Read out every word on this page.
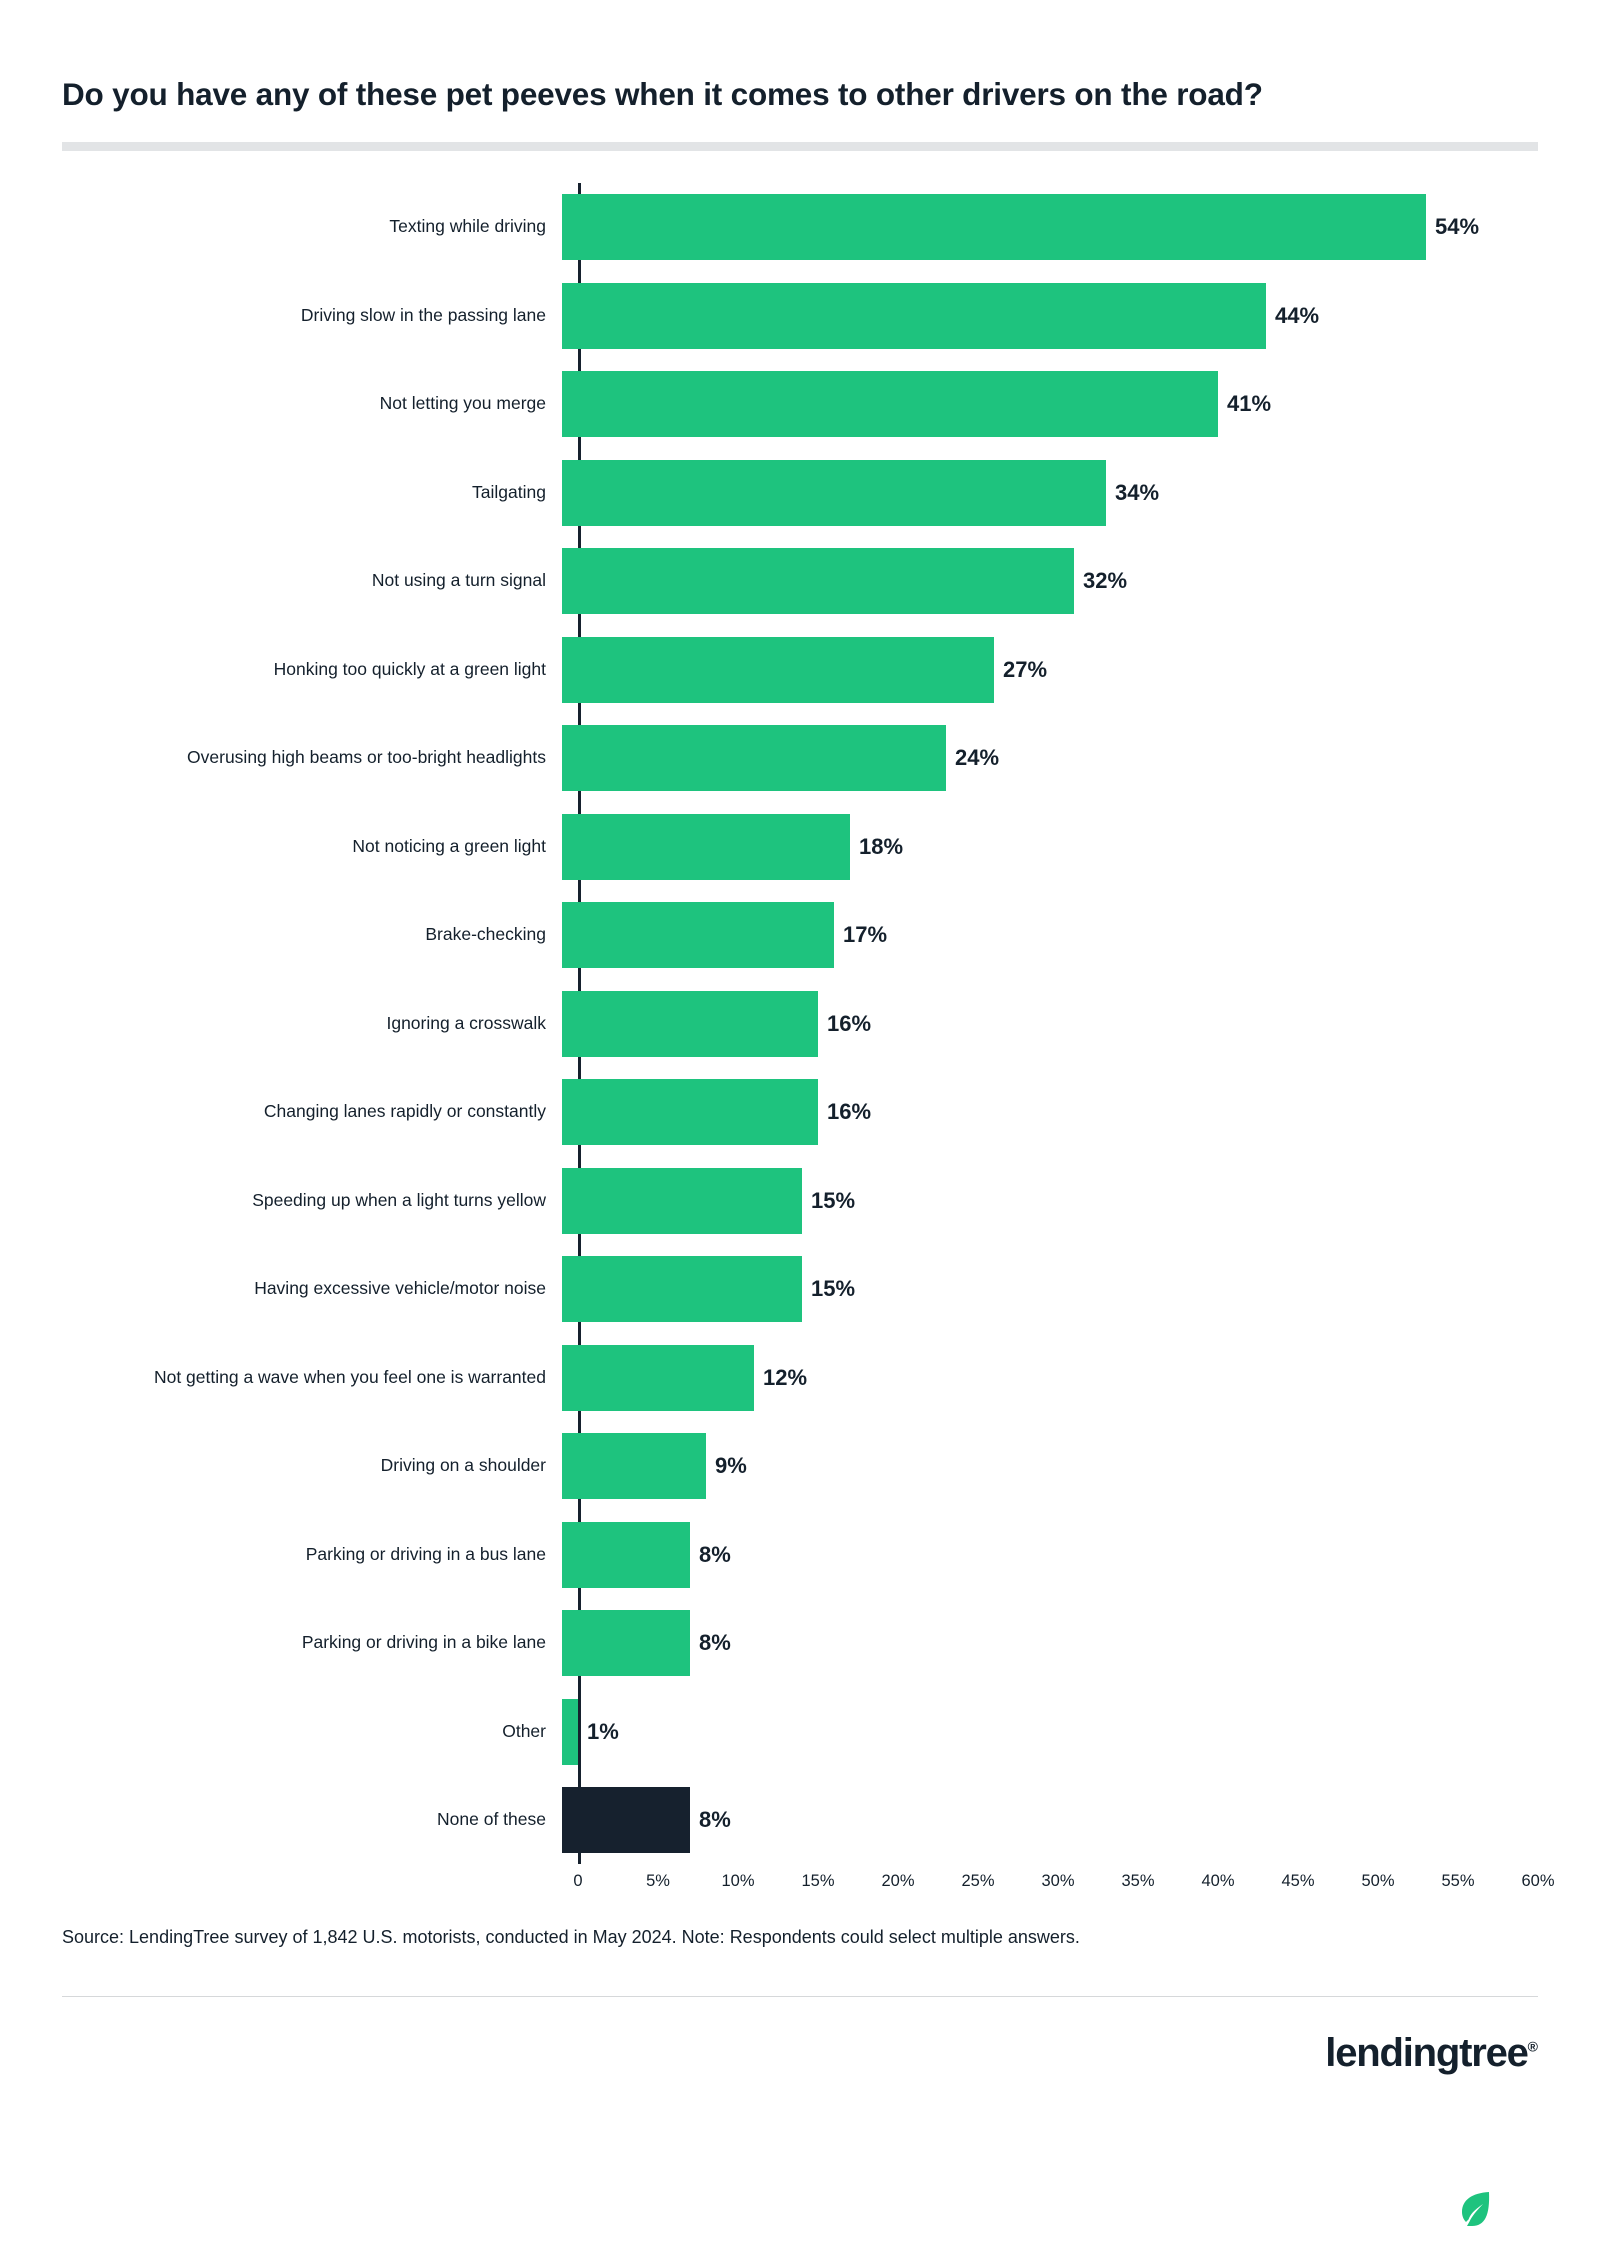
Do you have any of these pet peeves when it comes to other drivers on the road?
Texting while driving	54%
Driving slow in the passing lane	44%
Not letting you merge	41%
Tailgating	34%
Not using a turn signal	32%
Honking too quickly at a green light	27%
Overusing high beams or too-bright headlights	24%
Not noticing a green light	18%
Brake-checking	17%
Ignoring a crosswalk	16%
Changing lanes rapidly or constantly	16%
Speeding up when a light turns yellow	15%
Having excessive vehicle/motor noise	15%
Not getting a wave when you feel one is warranted	12%
Driving on a shoulder	9%
Parking or driving in a bus lane	8%
Parking or driving in a bike lane	8%
Other	1%
None of these	8%
0	5%	10%	15%	20%	25%	30%	35%	40%	45%	50%	55%	60%
Source: LendingTree survey of 1,842 U.S. motorists, conducted in May 2024. Note: Respondents could select multiple answers.
lendingtree®
